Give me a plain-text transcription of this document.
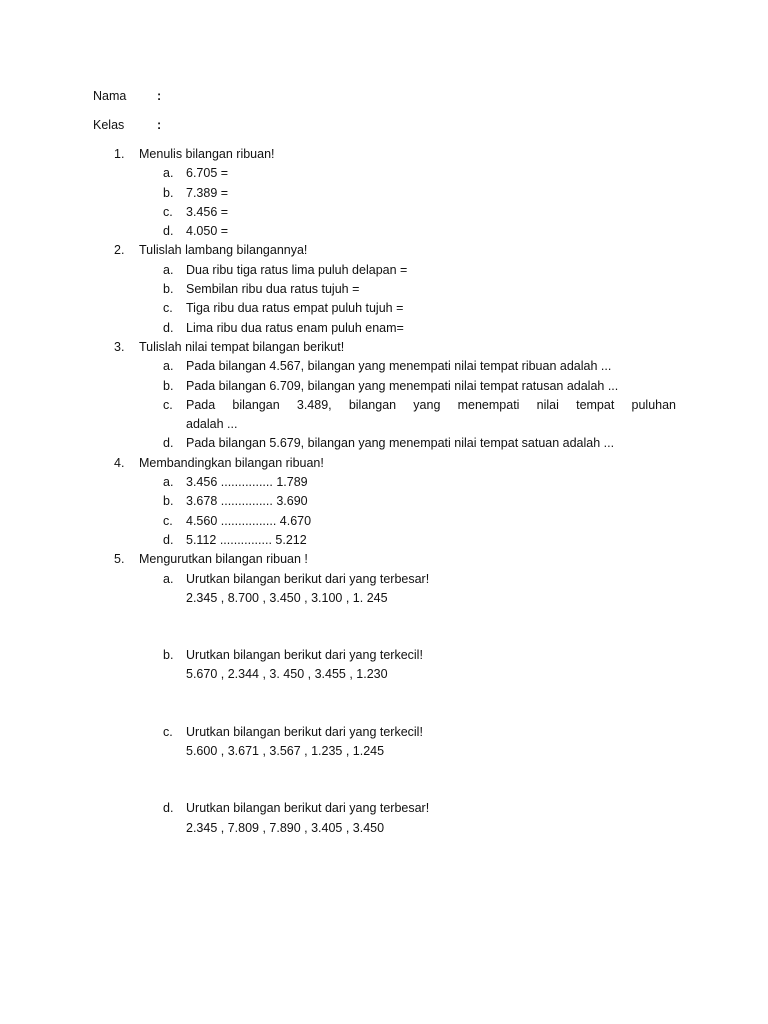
Nama :
Kelas	:
1.	Menulis bilangan ribuan!
a. 6.705 =
b. 7.389 =
c. 3.456 =
d. 4.050 =
2.	Tulislah lambang bilangannya!
a. Dua ribu tiga ratus lima puluh delapan =
b. Sembilan ribu dua ratus tujuh =
c. Tiga ribu dua ratus empat puluh tujuh =
d. Lima ribu dua ratus enam puluh enam=
3.	Tulislah nilai tempat bilangan berikut!
a. Pada bilangan 4.567, bilangan yang menempati nilai tempat ribuan adalah ...
b. Pada bilangan 6.709, bilangan yang menempati nilai tempat ratusan adalah ...
c. Pada bilangan 3.489, bilangan yang menempati nilai tempat puluhan
adalah ...
d. Pada bilangan 5.679, bilangan yang menempati nilai tempat satuan adalah ...
4.	Membandingkan bilangan ribuan!
a. 3.456 ............... 1.789
b. 3.678 ............... 3.690
c. 4.560 ................ 4.670
d. 5.112 ............... 5.212
5.	Mengurutkan bilangan ribuan !
a. Urutkan bilangan berikut dari yang terbesar!
2.345 , 8.700 , 3.450 , 3.100 , 1. 245
b. Urutkan bilangan berikut dari yang terkecil!
5.670 , 2.344 , 3. 450 , 3.455 , 1.230
c. Urutkan bilangan berikut dari yang terkecil!
5.600 , 3.671 , 3.567 , 1.235 , 1.245
d. Urutkan bilangan berikut dari yang terbesar!
2.345 , 7.809 , 7.890 , 3.405 , 3.450
